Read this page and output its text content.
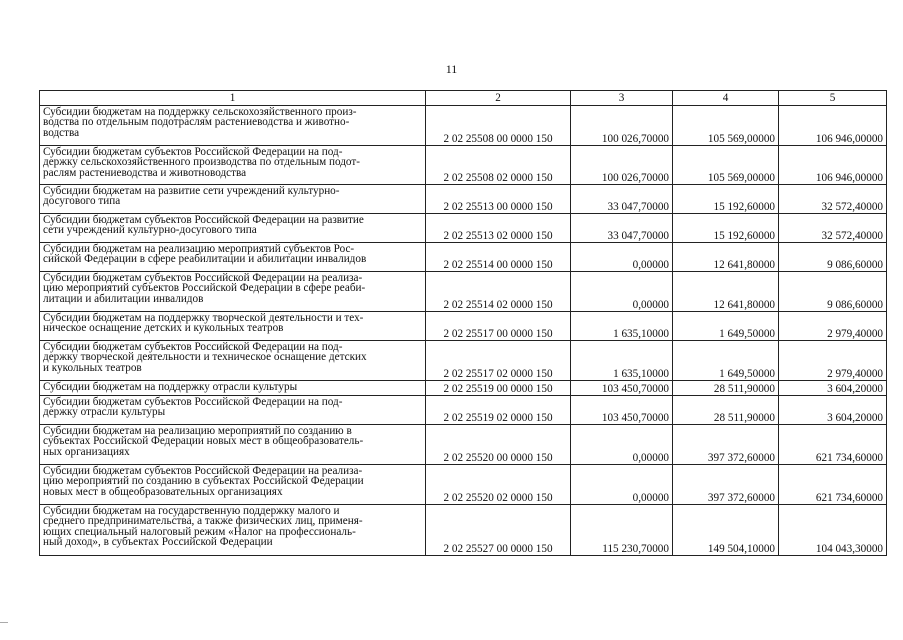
11
1	2	3	4	5

Субсидии бюджетам на поддержку сельскохозяйственного произ-
водства по отдельным подотраслям растениеводства и животно-
водства	2 02 25508 00 0000 150	100 026,70000	105 569,00000	106 946,00000

Субсидии бюджетам субъектов Российской Федерации на под-
держку сельскохозяйственного производства по отдельным подот-
раслям растениеводства и животноводства	2 02 25508 02 0000 150	100 026,70000	105 569,00000	106 946,00000

Субсидии бюджетам на развитие сети учреждений культурно-
досугового типа	2 02 25513 00 0000 150	33 047,70000	15 192,60000	32 572,40000

Субсидии бюджетам субъектов Российской Федерации на развитие
сети учреждений культурно-досугового типа	2 02 25513 02 0000 150	33 047,70000	15 192,60000	32 572,40000

Субсидии бюджетам на реализацию мероприятий субъектов Рос-
сийской Федерации в сфере реабилитации и абилитации инвалидов	2 02 25514 00 0000 150	0,00000	12 641,80000	9 086,60000

Субсидии бюджетам субъектов Российской Федерации на реализа-
цию мероприятий субъектов Российской Федерации в сфере реаби-
литации и абилитации инвалидов	2 02 25514 02 0000 150	0,00000	12 641,80000	9 086,60000

Субсидии бюджетам на поддержку творческой деятельности и тех-
ническое оснащение детских и кукольных театров	2 02 25517 00 0000 150	1 635,10000	1 649,50000	2 979,40000

Субсидии бюджетам субъектов Российской Федерации на под-
держку творческой деятельности и техническое оснащение детских
и кукольных театров	2 02 25517 02 0000 150	1 635,10000	1 649,50000	2 979,40000

Субсидии бюджетам на поддержку отрасли культуры	2 02 25519 00 0000 150	103 450,70000	28 511,90000	3 604,20000

Субсидии бюджетам субъектов Российской Федерации на под-
держку отрасли культуры	2 02 25519 02 0000 150	103 450,70000	28 511,90000	3 604,20000

Субсидии бюджетам на реализацию мероприятий по созданию в
субъектах Российской Федерации новых мест в общеобразователь-
ных организациях	2 02 25520 00 0000 150	0,00000	397 372,60000	621 734,60000

Субсидии бюджетам субъектов Российской Федерации на реализа-
цию мероприятий по созданию в субъектах Российской Федерации
новых мест в общеобразовательных организациях	2 02 25520 02 0000 150	0,00000	397 372,60000	621 734,60000

Субсидии бюджетам на государственную поддержку малого и
среднего предпринимательства, а также физических лиц, применя-
ющих специальный налоговый режим «Налог на профессиональ-
ный доход», в субъектах Российской Федерации	2 02 25527 00 0000 150	115 230,70000	149 504,10000	104 043,30000
